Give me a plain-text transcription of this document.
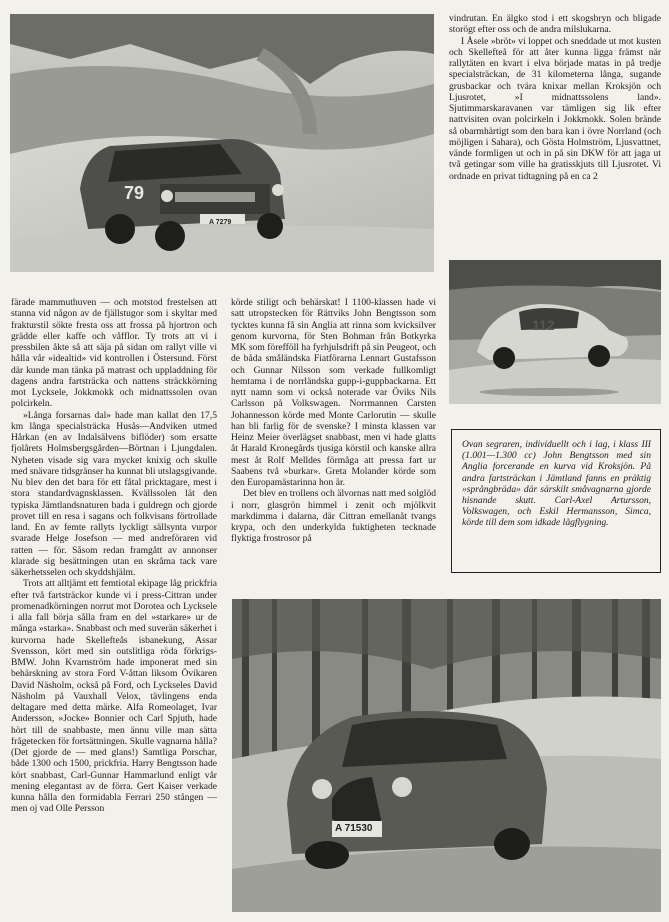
79
A 7279

vindrutan. En älgko stod i ett skogsbryn och bligade storögt efter oss och de andra milslukarna.

I Åsele »bröt» vi loppet och sneddade ut mot kusten och Skellefteå för att åter kunna ligga främst när rallytäten en kvart i elva började matas in på tredje specialsträckan, de 31 kilometerna långa, sugande grusbackar och tvära knixar mellan Kroksjön och Ljusrotet, »I midnattssolens land». Sjutimmarskaravanen var tämligen sig lik efter nattvisiten ovan polcirkeln i Jokkmokk. Solen brände så obarmhärtigt som den bara kan i övre Norrland (och möjligen i Sahara), och Gösta Holmström, Ljusvattnet, vände formligen ut och in på sin DKW för att jaga ut två getingar som ville ha gratisskjuts till Ljusrotet. Vi ordnade en privat tidtagning på en ca 2

112

färade mammuthuven — och motstod frestelsen att stanna vid någon av de fjällstugor som i skyltar med frakturstil sökte fresta oss att frossa på hjortron och grädde eller kaffe och våfflor. Ty trots att vi i pressbilen åkte så att säja på sidan om rallyt ville vi hålla vår »idealtid» vid kontrollen i Östersund. Först där kunde man tänka på matrast och uppladdning för dagens andra fartsträcka och nattens sträckkörning mot Lycksele, Jokkmokk och midnattssolen ovan polcirkeln.

»Långa forsarnas dal» hade man kallat den 17,5 km långa specialsträcka Husås—Andviken utmed Hårkan (en av Indalsälvens biflöder) som ersatte fjolårets Holmsbergsgården—Börtnan i Ljungdalen. Nyheten visade sig vara mycket knixig och skulle med snävare tidsgränser ha kunnat bli utslagsgivande. Nu blev den det bara för ett fåtal pricktagare, mest i stora standardvagnsklassen. Kvällssolen lät den typiska Jämtlandsnaturen bada i guldregn och gjorde provet till en resa i sagans och folkvisans förtrollade land. En av femte rallyts lyckligt sällsynta vurpor svarade Helge Josefson — med andreföraren vid ratten — för. Såsom redan framgått av annonser klarade sig besättningen utan en skråma tack vare säkerhetsselen och skyddshjälm.

Trots att alltjämt ett femtiotal ekipage låg prickfria efter två fartsträckor kunde vi i press-Cittran under promenadkörningen norrut mot Dorotea och Lycksele i alla fall börja sålla fram en del »starkare» ur de många »starka». Snabbast och med suverän säkerhet i kurvorna hade Skellefteås isbanekung, Assar Svensson, kört med sin outslitliga röda förkrigs-BMW. John Kvarnström hade imponerat med sin behärskning av stora Ford V-åttan liksom Övikaren David Näsholm, också på Ford, och Lyckseles David Näsholm på Vauxhall Velox, tävlingens enda deltagare med detta märke. Alfa Romeolaget, Ivar Andersson, »Jocke» Bonnier och Carl Spjuth, hade hört till de snabbaste, men ännu ville man sätta frågetecken för fortsättningen. Skulle vagnarna hålla? (Det gjorde de — med glans!) Samtliga Porschar, både 1300 och 1500, prickfria. Harry Bengtsson hade kört snabbast, Carl-Gunnar Hammarlund enligt vår mening elegantast av de förra. Gert Kaiser verkade kunna hålla den formidabla Ferrari 250 stången — men oj vad Olle Persson

körde stiligt och behärskat! I 1100-klassen hade vi satt utropstecken för Rättviks John Bengtsson som tycktes kunna få sin Anglia att rinna som kvicksilver genom kurvorna, för Sten Bohman från Botkyrka MK som förefföll ha fyrhjulsdrift på sin Peugeot, och de båda småländska Fiatförarna Lennart Gustafsson och Gunnar Nilsson som verkade fullkomligt hemtama i de norrländska gupp-i-guppbackarna. Ett nytt namn som vi också noterade var Öviks Nils Carlsson på Volkswagen. Norrmannen Carsten Johannesson körde med Monte Carlorutin — skulle han bli farlig för de svenske? I minsta klassen var Heinz Meier överlägset snabbast, men vi hade glatts åt Harald Kronegårds tjusiga körstil och kanske allra mest åt Rolf Melldes förmåga att pressa fart ur Saabens två »burkar». Greta Molander körde som den Europamästarinna hon är.

Det blev en trollens och älvornas natt med solglöd i norr, glasgrön himmel i zenit och mjölkvit markdimma i dalarna, där Cittran emellanåt tvangs krypa, och den underkylda fuktigheten tecknade flyktiga frostrosor på

Ovan segraren, individuellt och i lag, i klass III (1.001—1.300 cc) John Bengtsson med sin Anglia forcerande en kurva vid Kroksjön. På andra fartsträckan i Jämtland fanns en präktig »språngbräda» där särskilt småvagnarna gjorde hisnande skutt. Carl-Axel Artursson, Volkswagen, och Eskil Hermansson, Simca, körde till dem som idkade lågflygning.
A 71530
